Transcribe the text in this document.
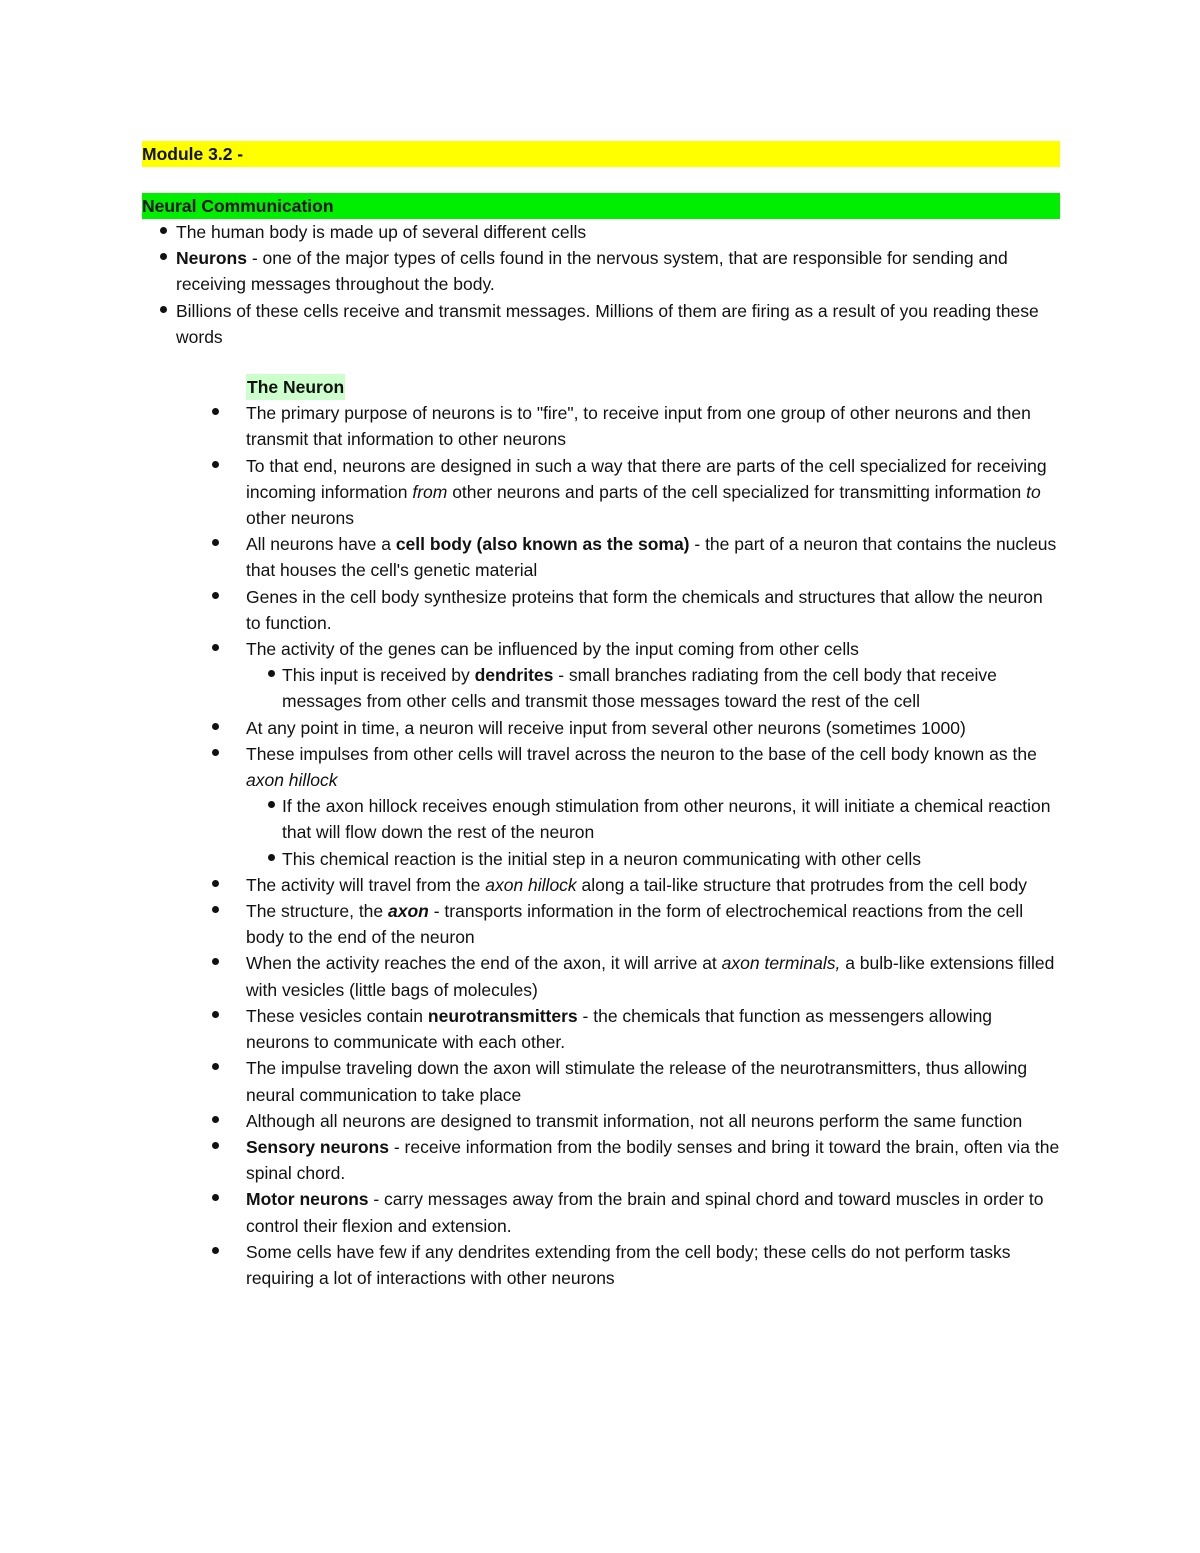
Module 3.2 -
Neural Communication
The human body is made up of several different cells
Neurons - one of the major types of cells found in the nervous system, that are responsible for sending and receiving messages throughout the body.
Billions of these cells receive and transmit messages. Millions of them are firing as a result of you reading these words
The Neuron
The primary purpose of neurons is to "fire", to receive input from one group of other neurons and then transmit that information to other neurons
To that end, neurons are designed in such a way that there are parts of the cell specialized for receiving incoming information from other neurons and parts of the cell specialized for transmitting information to other neurons
All neurons have a cell body (also known as the soma) - the part of a neuron that contains the nucleus that houses the cell's genetic material
Genes in the cell body synthesize proteins that form the chemicals and structures that allow the neuron to function.
The activity of the genes can be influenced by the input coming from other cells
This input is received by dendrites - small branches radiating from the cell body that receive messages from other cells and transmit those messages toward the rest of the cell
At any point in time, a neuron will receive input from several other neurons (sometimes 1000)
These impulses from other cells will travel across the neuron to the base of the cell body known as the axon hillock
If the axon hillock receives enough stimulation from other neurons, it will initiate a chemical reaction that will flow down the rest of the neuron
This chemical reaction is the initial step in a neuron communicating with other cells
The activity will travel from the axon hillock along a tail-like structure that protrudes from the cell body
The structure, the axon - transports information in the form of electrochemical reactions from the cell body to the end of the neuron
When the activity reaches the end of the axon, it will arrive at axon terminals, a bulb-like extensions filled with vesicles (little bags of molecules)
These vesicles contain neurotransmitters - the chemicals that function as messengers allowing neurons to communicate with each other.
The impulse traveling down the axon will stimulate the release of the neurotransmitters, thus allowing neural communication to take place
Although all neurons are designed to transmit information, not all neurons perform the same function
Sensory neurons - receive information from the bodily senses and bring it toward the brain, often via the spinal chord.
Motor neurons - carry messages away from the brain and spinal chord and toward muscles in order to control their flexion and extension.
Some cells have few if any dendrites extending from the cell body; these cells do not perform tasks requiring a lot of interactions with other neurons
